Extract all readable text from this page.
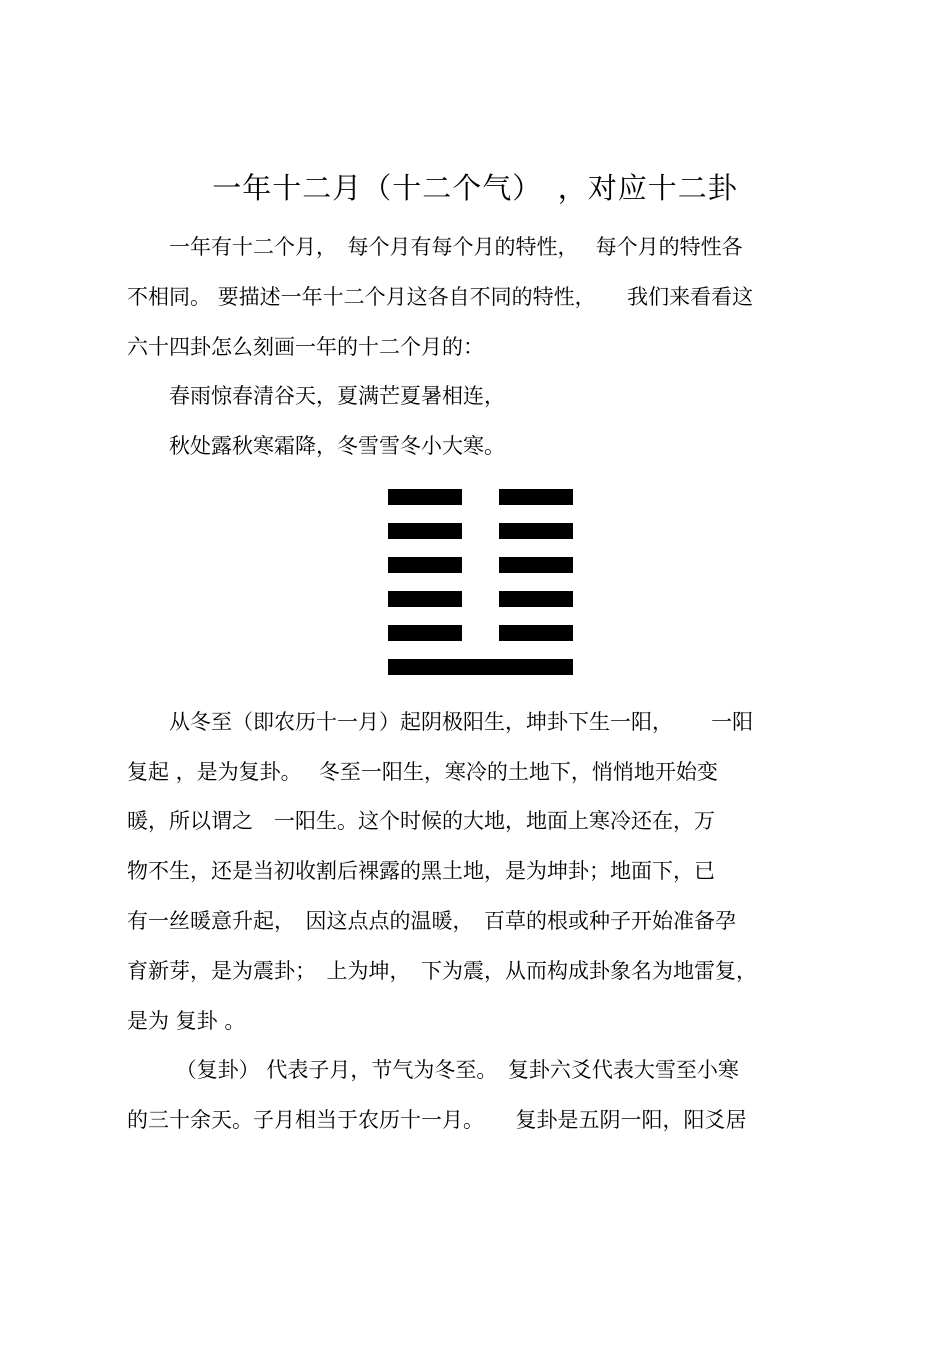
一年十二月（十二个气）　，对应十二卦
　　一年有十二个月，　每个月有每个月的特性，　 每个月的特性各
不相同。 要描述一年十二个月这各自不同的特性，　　我们来看看这
六十四卦怎么刻画一年的十二个月的：
　　春雨惊春清谷天，夏满芒夏暑相连，
　　秋处露秋寒霜降，冬雪雪冬小大寒。
　　从冬至（即农历十一月）起阴极阳生，坤卦下生一阳，　　 一阳
复起 ，是为复卦。　 冬至一阳生，寒冷的土地下，悄悄地开始变
暖，所以谓之　一阳生。这个时候的大地，地面上寒冷还在，万
物不生，还是当初收割后裸露的黑土地，是为坤卦；地面下，已
有一丝暖意升起，　因这点点的温暖，　百草的根或种子开始准备孕
育新芽，是为震卦；　上为坤，　下为震，从而构成卦象名为地雷复，
是为 复卦 。
　　 （复卦） 代表子月，节气为冬至。　复卦六爻代表大雪至小寒
的三十余天。子月相当于农历十一月。　　复卦是五阴一阳，阳爻居
